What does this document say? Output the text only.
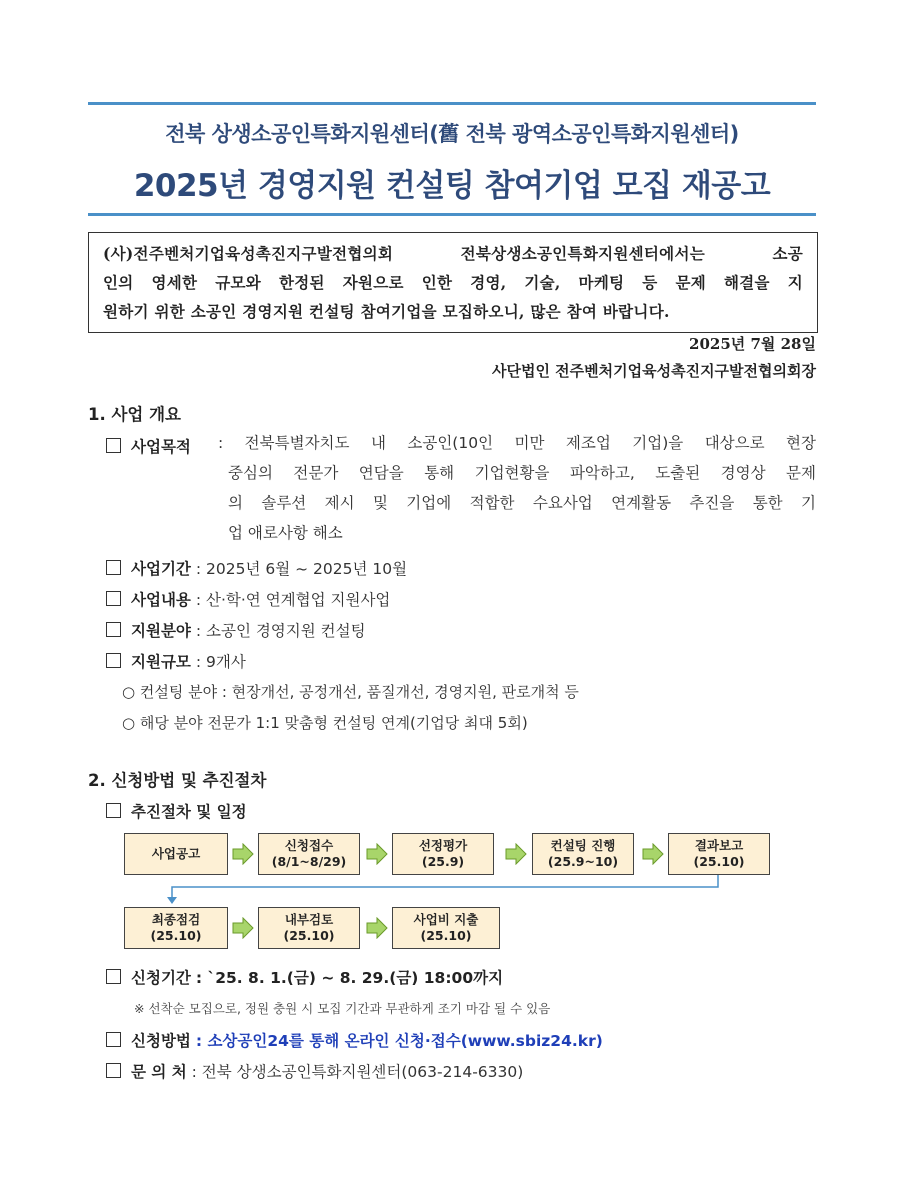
전북 상생소공인특화지원센터(舊 전북 광역소공인특화지원센터)
2025년 경영지원 컨설팅 참여기업 모집 재공고
(사)전주벤처기업육성촉진지구발전협의회 전북상생소공인특화지원센터에서는 소공
인의 영세한 규모와 한정된 자원으로 인한 경영, 기술, 마케팅 등 문제 해결을 지
원하기 위한 소공인 경영지원 컨설팅 참여기업을 모집하오니, 많은 참여 바랍니다.
2025년 7월 28일
사단법인 전주벤처기업육성촉진지구발전협의회장
1. 사업 개요
사업목적 : 전북특별자치도 내 소공인(10인 미만 제조업 기업)을 대상으로 현장
중심의 전문가 연담을 통해 기업현황을 파악하고, 도출된 경영상 문제
의 솔루션 제시 및 기업에 적합한 수요사업 연계활동 추진을 통한 기
업 애로사항 해소
사업기간 : 2025년 6월 ~ 2025년 10월
사업내용 : 산·학·연 연계협업 지원사업
지원분야 : 소공인 경영지원 컨설팅
지원규모 : 9개사
○ 컨설팅 분야 : 현장개선, 공정개선, 품질개선, 경영지원, 판로개척 등
○ 해당 분야 전문가 1:1 맞춤형 컨설팅 연계(기업당 최대 5회)
2. 신청방법 및 추진절차
추진절차 및 일정
사업공고
신청접수
(8/1~8/29)
선정평가
(25.9)
컨설팅 진행
(25.9~10)
결과보고
(25.10)
최종점검
(25.10)
내부검토
(25.10)
사업비 지출
(25.10)
신청기간 : `25. 8. 1.(금) ~ 8. 29.(금) 18:00까지
※ 선착순 모집으로, 정원 충원 시 모집 기간과 무관하게 조기 마감 될 수 있음
신청방법 : 소상공인24를 통해 온라인 신청·접수(www.sbiz24.kr)
문 의 처 : 전북 상생소공인특화지원센터(063-214-6330)
